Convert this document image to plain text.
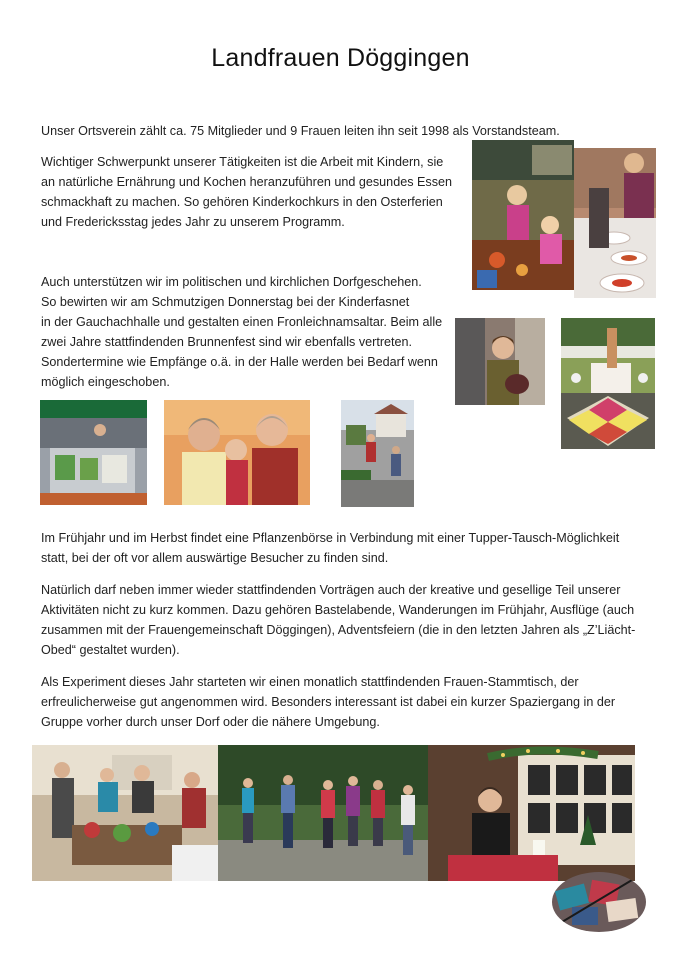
Landfrauen Döggingen

Unser Ortsverein zählt ca. 75 Mitglieder und 9 Frauen leiten ihn seit 1998 als Vorstandsteam.

Wichtiger Schwerpunkt unserer Tätigkeiten ist die Arbeit mit Kindern, sie
an natürliche Ernährung und Kochen heranzuführen und gesundes Essen
schmackhaft zu machen. So gehören Kinderkochkurs in den Osterferien
und Fredericksstag jedes Jahr zu unserem Programm.

Auch unterstützen wir im politischen und kirchlichen Dorfgeschehen.
So bewirten wir am Schmutzigen Donnerstag bei der Kinderfasnet
in der Gauchachhalle und gestalten einen Fronleichnamsaltar. Beim alle
zwei Jahre stattfindenden Brunnenfest sind wir ebenfalls vertreten.
Sondertermine wie Empfänge o.ä. in der Halle werden bei Bedarf wenn
möglich eingeschoben.

Im Frühjahr und im Herbst findet eine Pflanzenbörse in Verbindung mit einer Tupper-Tausch-Möglichkeit
statt, bei der oft vor allem auswärtige Besucher zu finden sind.

Natürlich darf neben immer wieder stattfindenden Vorträgen auch der kreative und gesellige Teil unserer
Aktivitäten nicht zu kurz kommen. Dazu gehören Bastelabende, Wanderungen im Frühjahr, Ausflüge (auch
zusammen mit der Frauengemeinschaft Döggingen), Adventsfeiern (die in den letzten Jahren als „Z’Liächt-
Obed“ gestaltet wurden).

Als Experiment dieses Jahr starteten wir einen monatlich stattfindenden Frauen-Stammtisch, der
erfreulicherweise gut angenommen wird. Besonders interessant ist dabei ein kurzer Spaziergang in der
Gruppe vorher durch unser Dorf oder die nähere Umgebung.
